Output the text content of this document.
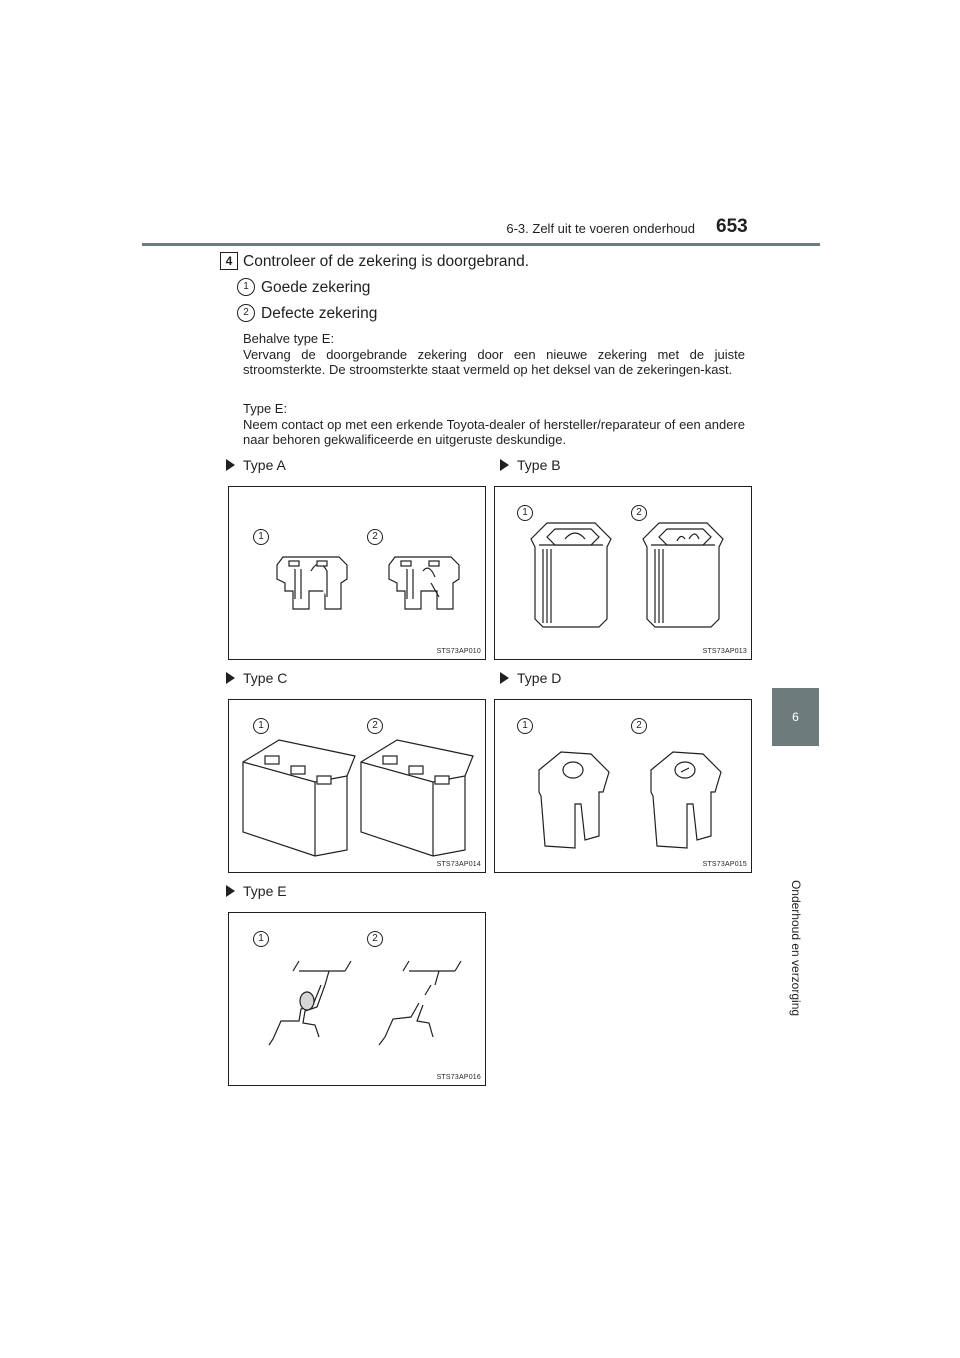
6-3. Zelf uit te voeren onderhoud 653
6
Onderhoud en verzorging
4 Controleer of de zekering is doorgebrand.
1 Goede zekering
2 Defecte zekering
Behalve type E:
Vervang de doorgebrande zekering door een nieuwe zekering met de juiste stroomsterkte. De stroomsterkte staat vermeld op het deksel van de zekeringen-kast.
Type E:
Neem contact op met een erkende Toyota-dealer of hersteller/reparateur of een andere naar behoren gekwalificeerde en uitgeruste deskundige.
Type A	Type B
Type C	Type D
Type E
1	2
STS73AP010
1	2
STS73AP013
1	2
STS73AP014
1	2
STS73AP015
1	2
STS73AP016
